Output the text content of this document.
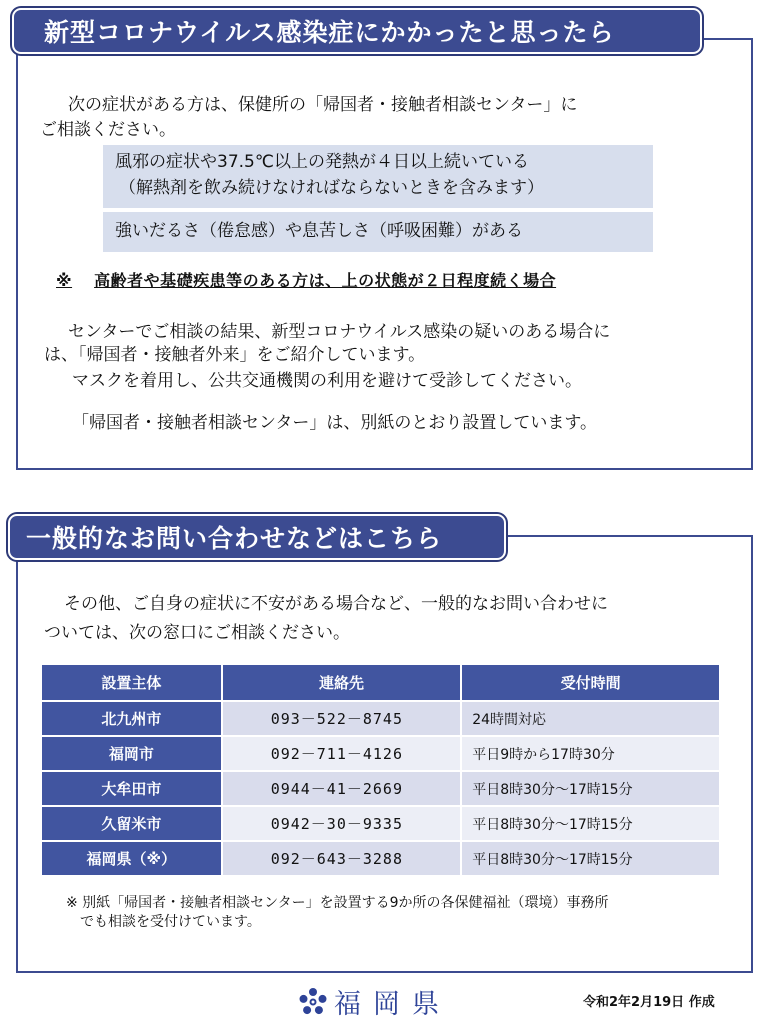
新型コロナウイルス感染症にかかったと思ったら

次の症状がある方は、保健所の「帰国者・接触者相談センター」に

ご相談ください。

風邪の症状や37.5℃以上の発熱が４日以上続いている
（解熱剤を飲み続けなければならないときを含みます）
強いだるさ（倦怠感）や息苦しさ（呼吸困難）がある
※ 高齢者や基礎疾患等のある方は、上の状態が２日程度続く場合

センターでご相談の結果、新型コロナウイルス感染の疑いのある場合に

は、「帰国者・接触者外来」をご紹介しています。

マスクを着用し、公共交通機関の利用を避けて受診してください。

「帰国者・接触者相談センター」は、別紙のとおり設置しています。

一般的なお問い合わせなどはこちら

その他、ご自身の症状に不安がある場合など、一般的なお問い合わせに

ついては、次の窓口にご相談ください。

設置主体	連絡先	受付時間
北九州市	093－522－8745	24時間対応
福岡市	092－711－4126	平日9時から17時30分
大牟田市	0944－41－2669	平日8時30分～17時15分
久留米市	0942－30－9335	平日8時30分～17時15分
福岡県（※）	092－643－3288	平日8時30分～17時15分
※ 別紙「帰国者・接触者相談センター」を設置する9か所の各保健福祉（環境）事務所
でも相談を受付けています。
福岡県	令和2年2月19日 作成
